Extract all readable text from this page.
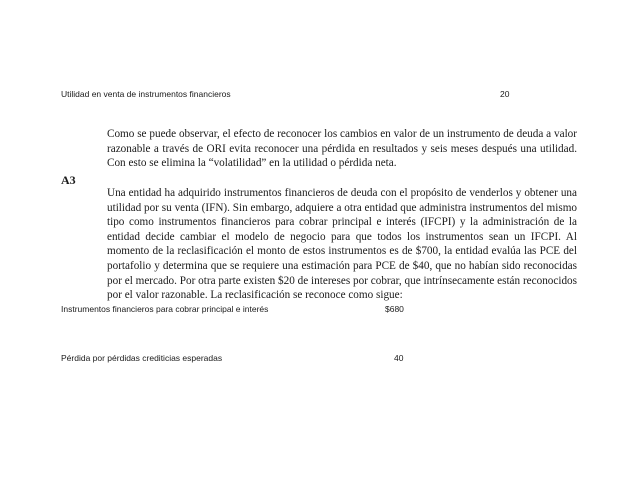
Utilidad en venta de instrumentos financieros	20
Como se puede observar, el efecto de reconocer los cambios en valor de un instrumento de deuda a valor razonable a través de ORI evita reconocer una pérdida en resultados y seis meses después una utilidad. Con esto se elimina la “volatilidad” en la utilidad o pérdida neta.
A3
Una entidad ha adquirido instrumentos financieros de deuda con el propósito de venderlos y obtener una utilidad por su venta (IFN). Sin embargo, adquiere a otra entidad que administra instrumentos del mismo tipo como instrumentos financieros para cobrar principal e interés (IFCPI) y la administración de la entidad decide cambiar el modelo de negocio para que todos los instrumentos sean un IFCPI. Al momento de la reclasificación el monto de estos instrumentos es de $700, la entidad evalúa las PCE del portafolio y determina que se requiere una estimación para PCE de $40, que no habían sido reconocidas por el mercado. Por otra parte existen $20 de intereses por cobrar, que intrínsecamente están reconocidos por el valor razonable. La reclasificación se reconoce como sigue:
Instrumentos financieros para cobrar principal e interés	$680
Pérdida por pérdidas crediticias esperadas	40
